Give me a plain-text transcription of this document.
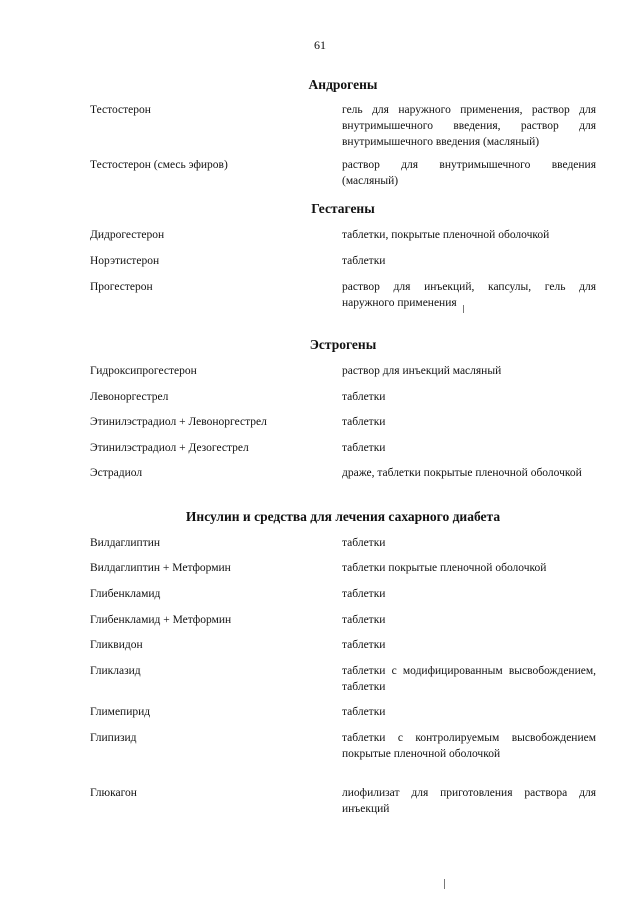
61
Андрогены
Тестостерон	гель для наружного применения, раствор для внутримышечного введения, раствор для внутримышечного введения (масляный)
Тестостерон (смесь эфиров)	раствор для внутримышечного введения (масляный)
Гестагены
Дидрогестерон	таблетки, покрытые пленочной оболочкой
Норэтистерон	таблетки
Прогестерон	раствор для инъекций, капсулы, гель для наружного применения
Эстрогены
Гидроксипрогестерон	раствор для инъекций масляный
Левоноргестрел	таблетки
Этинилэстрадиол + Левоноргестрел	таблетки
Этинилэстрадиол + Дезогестрел	таблетки
Эстрадиол	драже, таблетки покрытые пленочной оболочкой
Инсулин и средства для лечения сахарного диабета
Вилдаглиптин	таблетки
Вилдаглиптин + Метформин	таблетки покрытые пленочной оболочкой
Глибенкламид	таблетки
Глибенкламид + Метформин	таблетки
Гликвидон	таблетки
Гликлазид	таблетки с модифицированным высвобождением, таблетки
Глимепирид	таблетки
Глипизид	таблетки с контролируемым высвобождением покрытые пленочной оболочкой
Глюкагон	лиофилизат для приготовления раствора для инъекций
